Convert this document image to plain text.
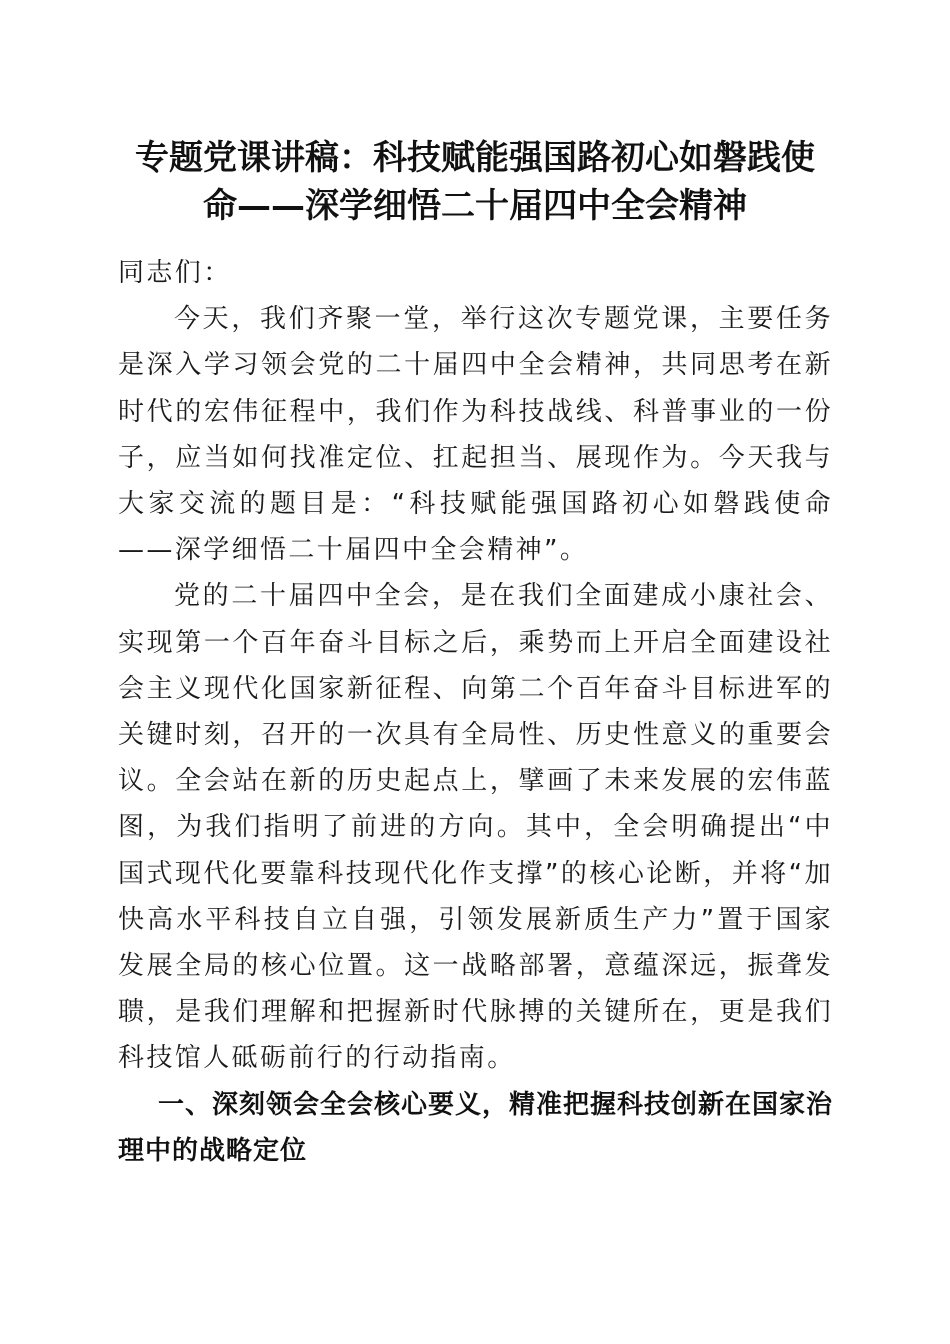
专题党课讲稿：科技赋能强国路初心如磐践使
命——深学细悟二十届四中全会精神

同志们：

今天，我们齐聚一堂，举行这次专题党课，主要任务是深入学习领会党的二十届四中全会精神，共同思考在新时代的宏伟征程中，我们作为科技战线、科普事业的一份子，应当如何找准定位、扛起担当、展现作为。今天我与大家交流的题目是：“科技赋能强国路初心如磐践使命——深学细悟二十届四中全会精神”。

党的二十届四中全会，是在我们全面建成小康社会、实现第一个百年奋斗目标之后，乘势而上开启全面建设社会主义现代化国家新征程、向第二个百年奋斗目标进军的关键时刻，召开的一次具有全局性、历史性意义的重要会议。全会站在新的历史起点上，擘画了未来发展的宏伟蓝图，为我们指明了前进的方向。其中，全会明确提出“中国式现代化要靠科技现代化作支撑”的核心论断，并将“加快高水平科技自立自强，引领发展新质生产力”置于国家发展全局的核心位置。这一战略部署，意蕴深远，振聋发聩，是我们理解和把握新时代脉搏的关键所在，更是我们科技馆人砥砺前行的行动指南。

一、深刻领会全会核心要义，精准把握科技创新在国家治理中的战略定位
